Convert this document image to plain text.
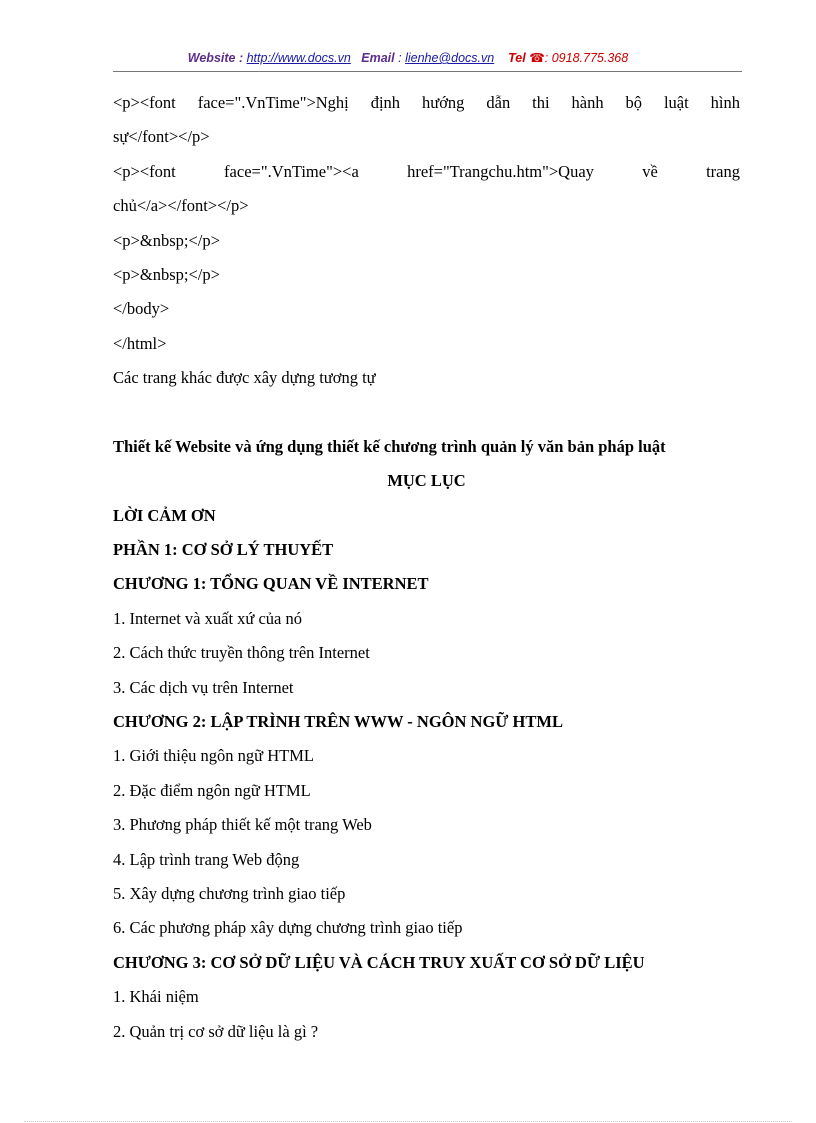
Website : http://www.docs.vn Email : lienhe@docs.vn Tel ☎: 0918.775.368
<p><font face=".VnTime">Nghị định hướng dẫn thi hành bộ luật hình
sự</font></p>
<p><font face=".VnTime"><a href="Trangchu.htm">Quay về trang
chủ</a></font></p>
<p>&nbsp;</p>
<p>&nbsp;</p>
</body>
</html>
Các trang khác được xây dựng tương tự
Thiết kế Website và ứng dụng thiết kế chương trình quản lý văn bản pháp luật
MỤC LỤC
LỜI CẢM ƠN
PHẦN 1: CƠ SỞ LÝ THUYẾT
CHƯƠNG 1: TỔNG QUAN VỀ INTERNET
1. Internet và xuất xứ của nó
2. Cách thức truyền thông trên Internet
3. Các dịch vụ trên Internet
CHƯƠNG 2: LẬP TRÌNH TRÊN WWW - NGÔN NGỮ HTML
1. Giới thiệu ngôn ngữ HTML
2. Đặc điểm ngôn ngữ HTML
3. Phương pháp thiết kế một trang Web
4. Lập trình trang Web động
5. Xây dựng chương trình giao tiếp
6. Các phương pháp xây dựng chương trình giao tiếp
CHƯƠNG 3: CƠ SỞ DỮ LIỆU VÀ CÁCH TRUY XUẤT CƠ SỞ DỮ LIỆU
1. Khái niệm
2. Quản trị cơ sở dữ liệu là gì ?
